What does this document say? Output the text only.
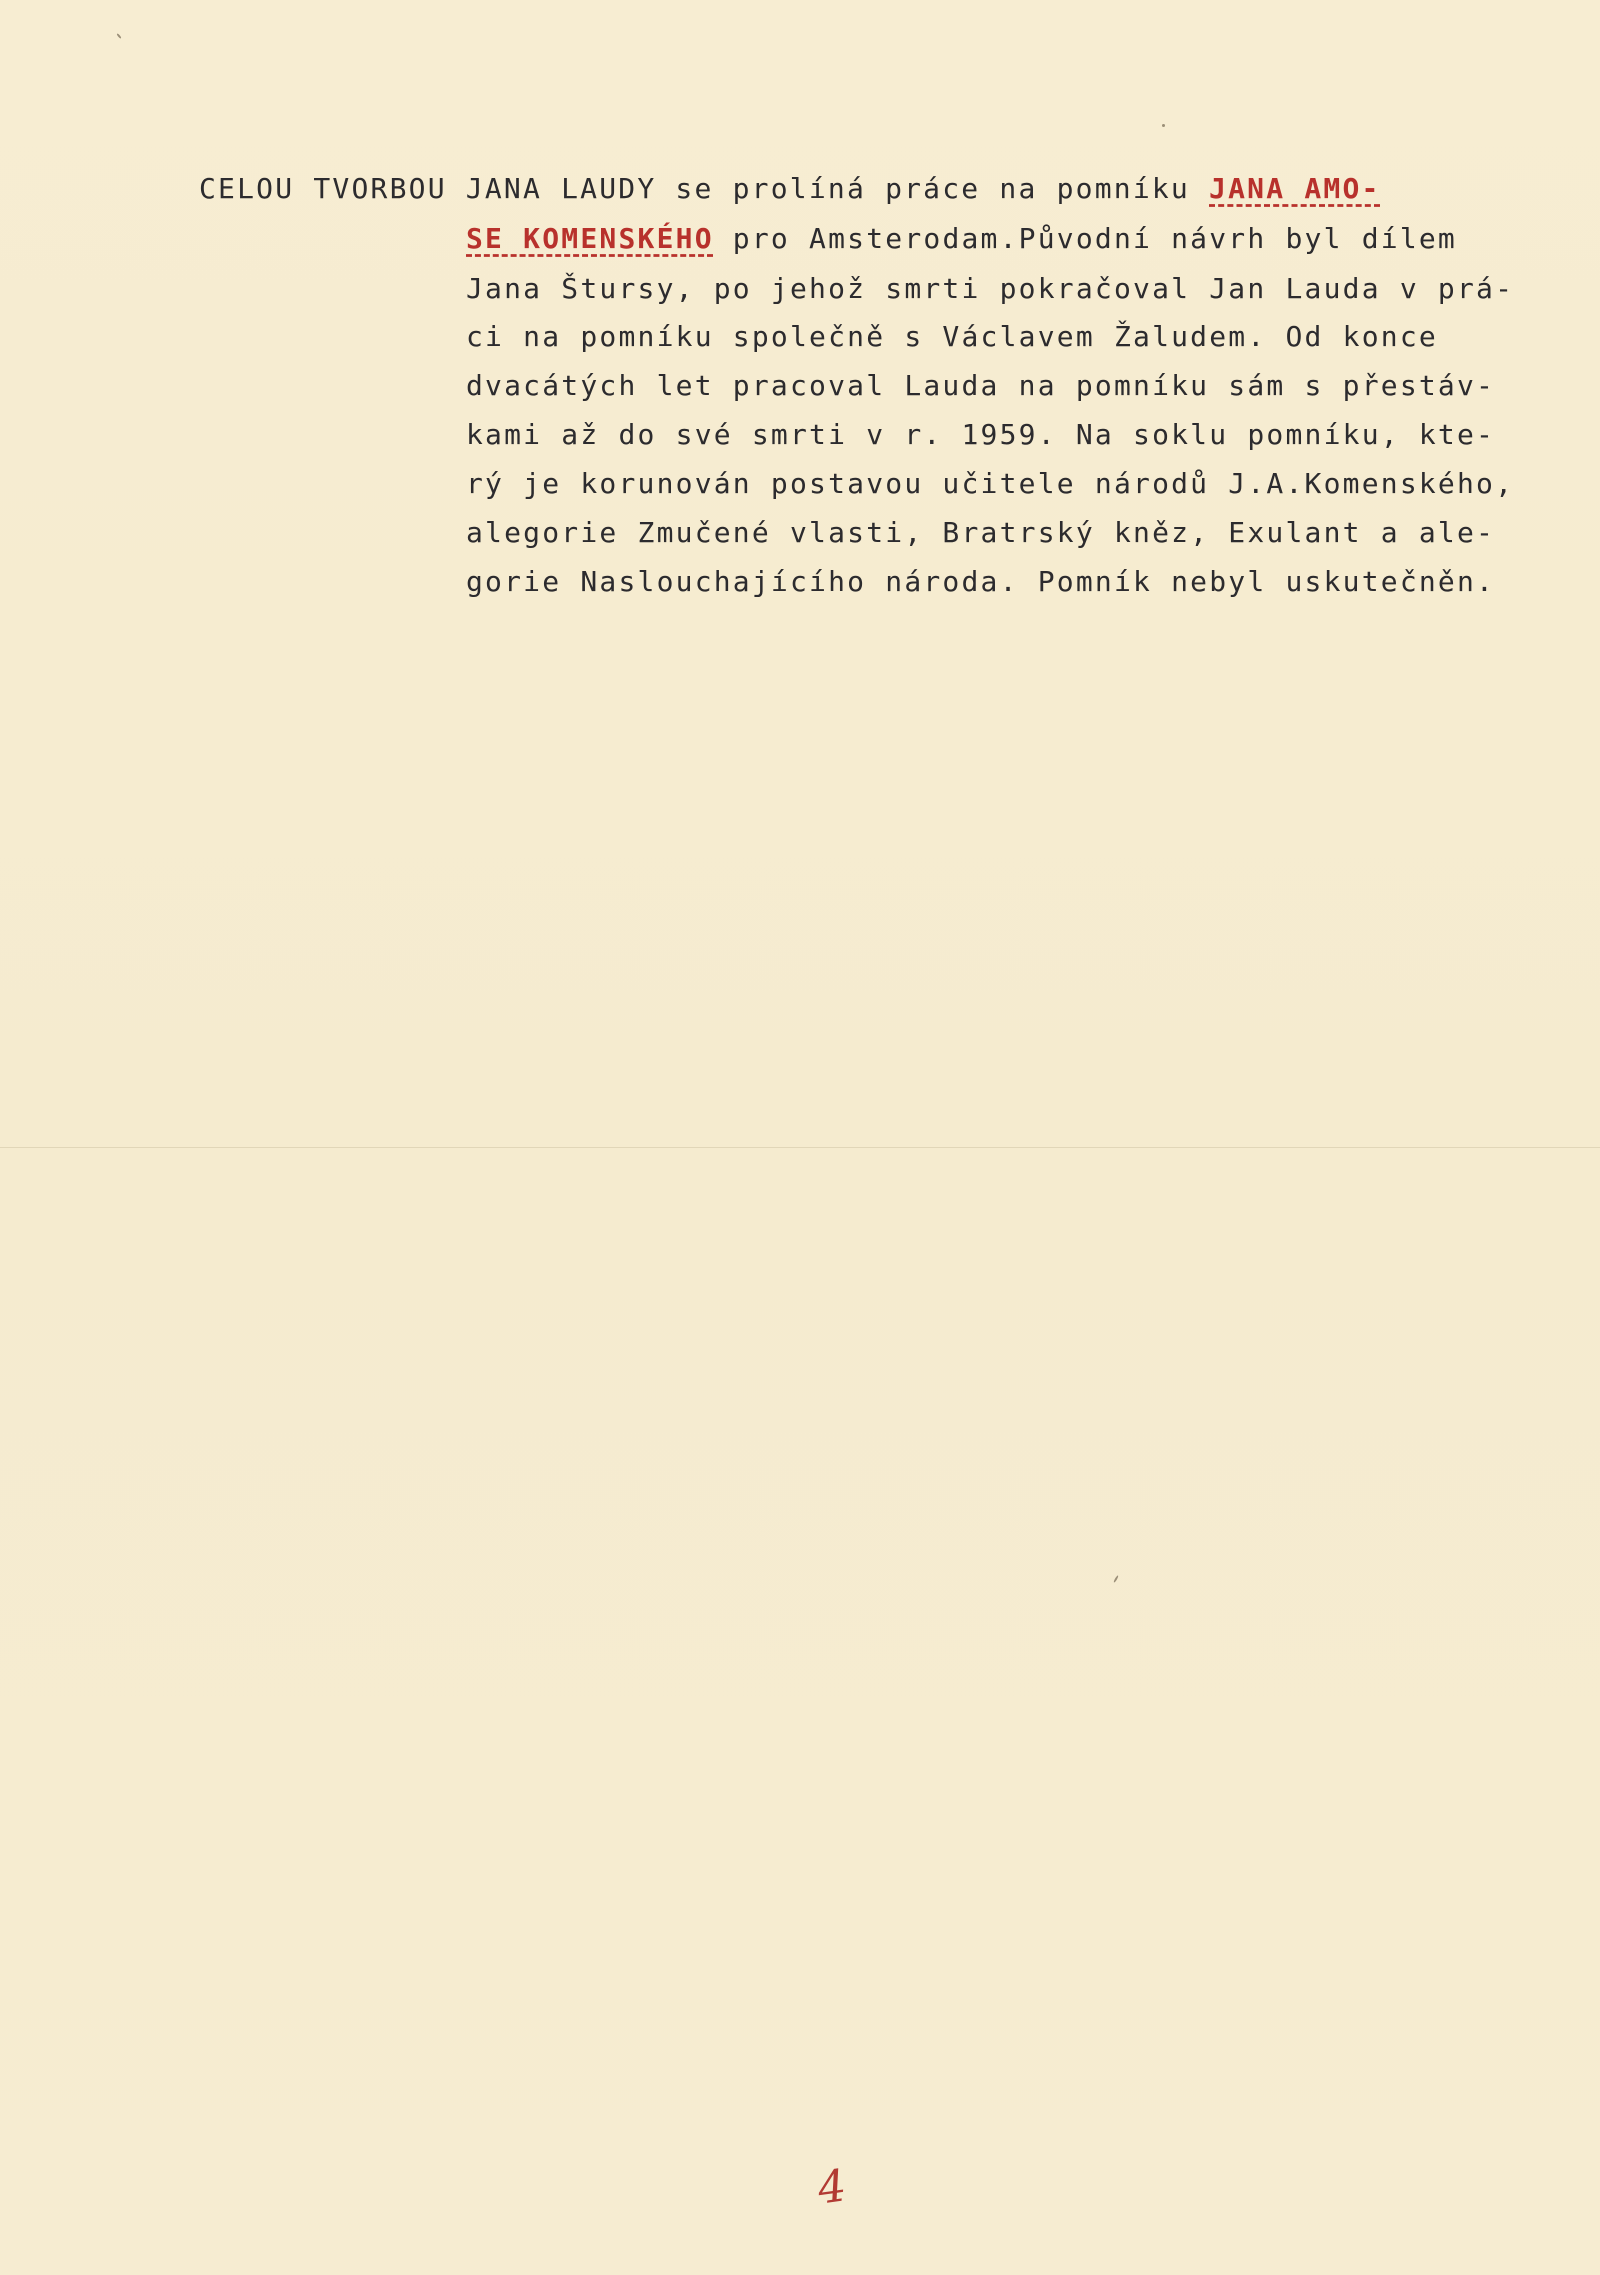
CELOU TVORBOU JANA LAUDY se prolíná práce na pomníku JANA AMO-
SE KOMENSKÉHO pro Amsterodam.Původní návrh byl dílem
Jana Štursy, po jehož smrti pokračoval Jan Lauda v prá-
ci na pomníku společně s Václavem Žaludem. Od konce
dvacátých let pracoval Lauda na pomníku sám s přestáv-
kami až do své smrti v r. 1959. Na soklu pomníku, kte-
rý je korunován postavou učitele národů J.A.Komenského,
alegorie Zmučené vlasti, Bratrský kněz, Exulant a ale-
gorie Naslouchajícího národa. Pomník nebyl uskutečněn.
4
